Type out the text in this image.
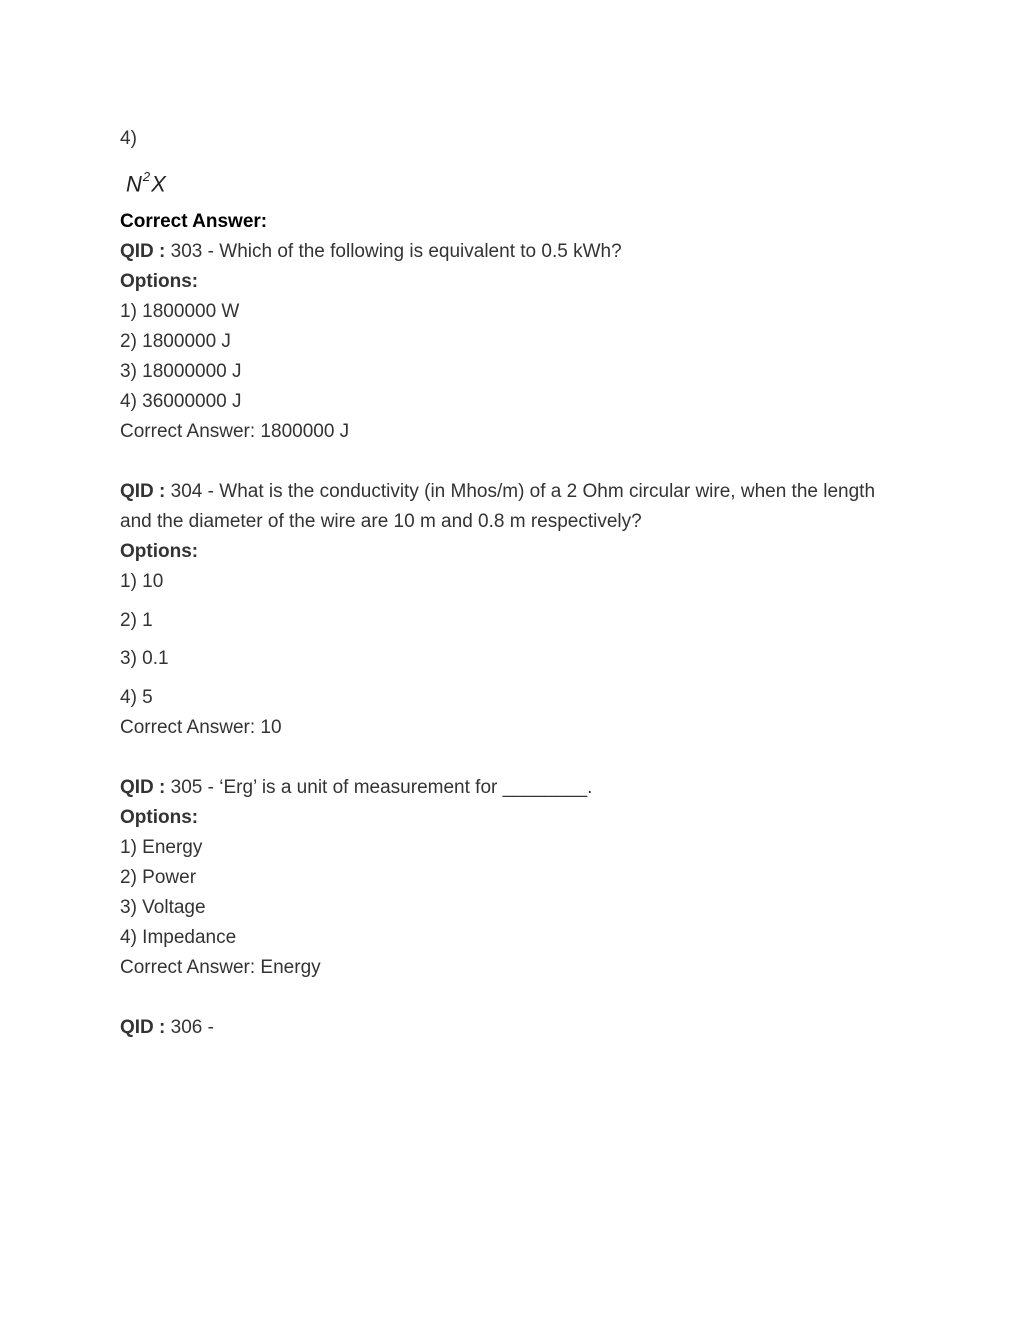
4)
$N^2X$
Correct Answer:
QID : 303 - Which of the following is equivalent to 0.5 kWh?
Options:
1) 1800000 W
2) 1800000 J
3) 18000000 J
4) 36000000 J
Correct Answer: 1800000 J
QID : 304 - What is the conductivity (in Mhos/m) of a 2 Ohm circular wire, when the length and the diameter of the wire are 10 m and 0.8 m respectively?
Options:
1) 10
2) 1
3) 0.1
4) 5
Correct Answer: 10
QID : 305 - ‘Erg’ is a unit of measurement for ________.
Options:
1) Energy
2) Power
3) Voltage
4) Impedance
Correct Answer: Energy
QID : 306 -
